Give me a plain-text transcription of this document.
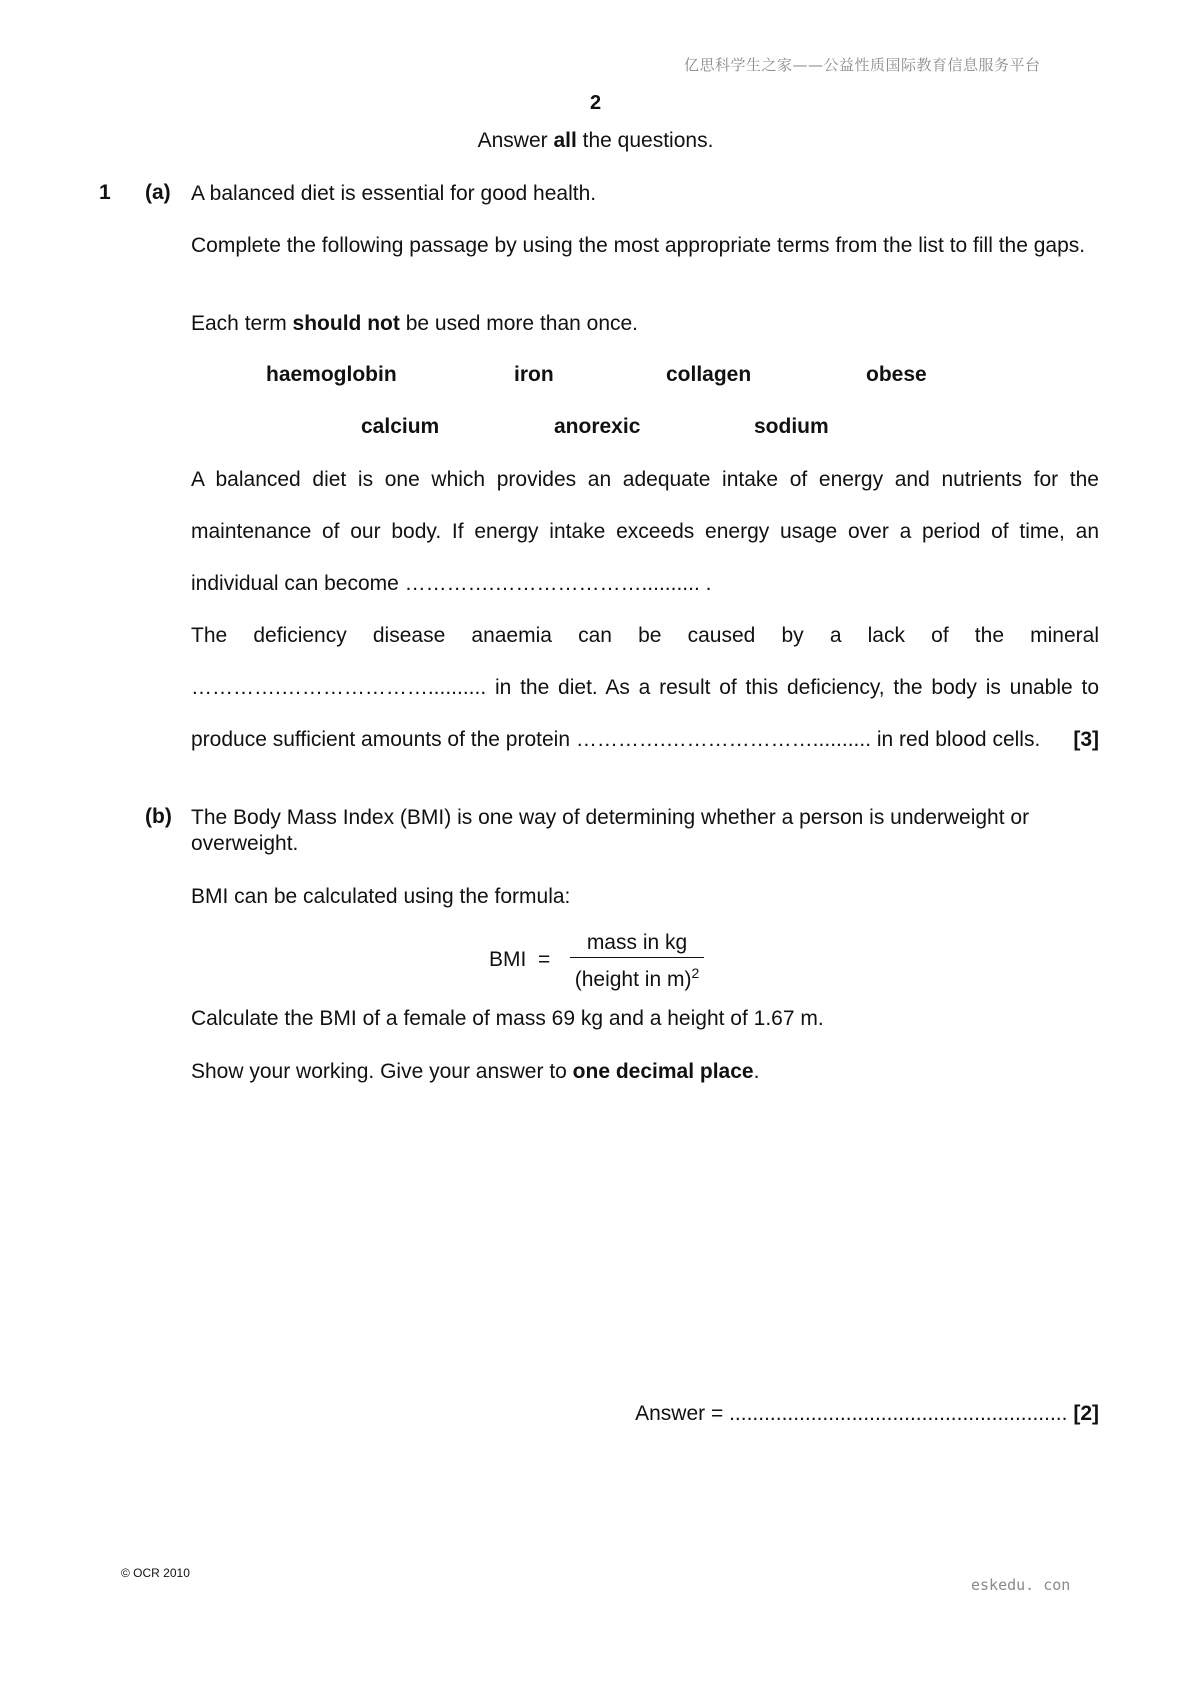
亿思科学生之家——公益性质国际教育信息服务平台
2
Answer all the questions.
1 (a) A balanced diet is essential for good health.
Complete the following passage by using the most appropriate terms from the list to fill the gaps.
Each term should not be used more than once.
haemoglobin	iron	collagen	obese
calcium	anorexic	sodium
A balanced diet is one which provides an adequate intake of energy and nutrients for the
maintenance of our body. If energy intake exceeds energy usage over a period of time, an
individual can become ………….………………….......... .
The deficiency disease anaemia can be caused by a lack of the mineral
………….………………….......... in the diet. As a result of this deficiency, the body is unable to
produce sufficient amounts of the protein ………….………………….......... in red blood cells. [3]
(b) The Body Mass Index (BMI) is one way of determining whether a person is underweight or overweight.
BMI can be calculated using the formula:
BMI  =
mass in kg
(height in m)$^2$
Calculate the BMI of a female of mass 69 kg and a height of 1.67 m.
Show your working. Give your answer to one decimal place.
Answer = .......................................................... [2]
© OCR 2010
eskedu. con
